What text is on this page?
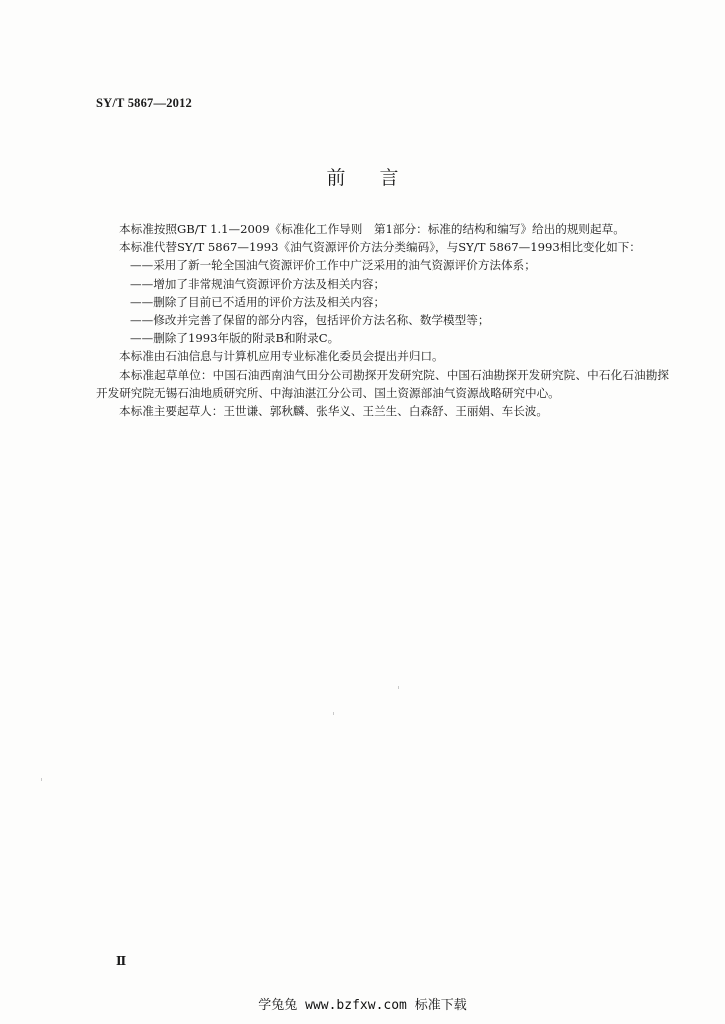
SY/T 5867—2012
前言

本标准按照GB/T 1.1—2009《标准化工作导则　第1部分：标准的结构和编写》给出的规则起草。

本标准代替SY/T 5867—1993《油气资源评价方法分类编码》，与SY/T 5867—1993相比变化如下：

——采用了新一轮全国油气资源评价工作中广泛采用的油气资源评价方法体系；

——增加了非常规油气资源评价方法及相关内容；

——删除了目前已不适用的评价方法及相关内容；

——修改并完善了保留的部分内容，包括评价方法名称、数学模型等；

——删除了1993年版的附录B和附录C。

本标准由石油信息与计算机应用专业标准化委员会提出并归口。

本标准起草单位：中国石油西南油气田分公司勘探开发研究院、中国石油勘探开发研究院、中石化石油勘探开发研究院无锡石油地质研究所、中海油湛江分公司、国土资源部油气资源战略研究中心。

本标准主要起草人：王世谦、郭秋麟、张华义、王兰生、白森舒、王丽娟、车长波。

Ⅱ
学兔兔 www.bzfxw.com 标准下载
